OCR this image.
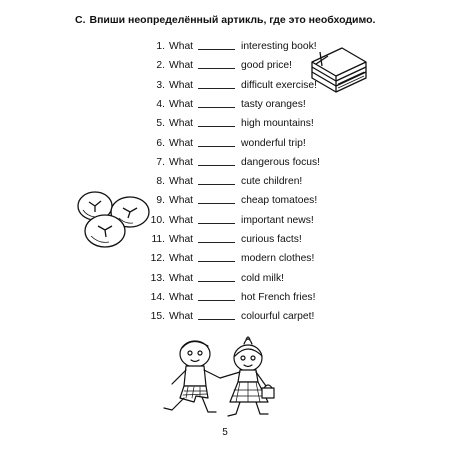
C. Впиши неопределённый артикль, где это необходимо.
1. What	interesting book!
2. What	good price!
3. What	difficult exercise!
4. What	tasty oranges!
5. What	high mountains!
6. What	wonderful trip!
7. What	dangerous focus!
8. What	cute children!
9. What	cheap tomatoes!
10. What	important news!
11. What	curious facts!
12. What	modern clothes!
13. What	cold milk!
14. What	hot French fries!
15. What	colourful carpet!
5
